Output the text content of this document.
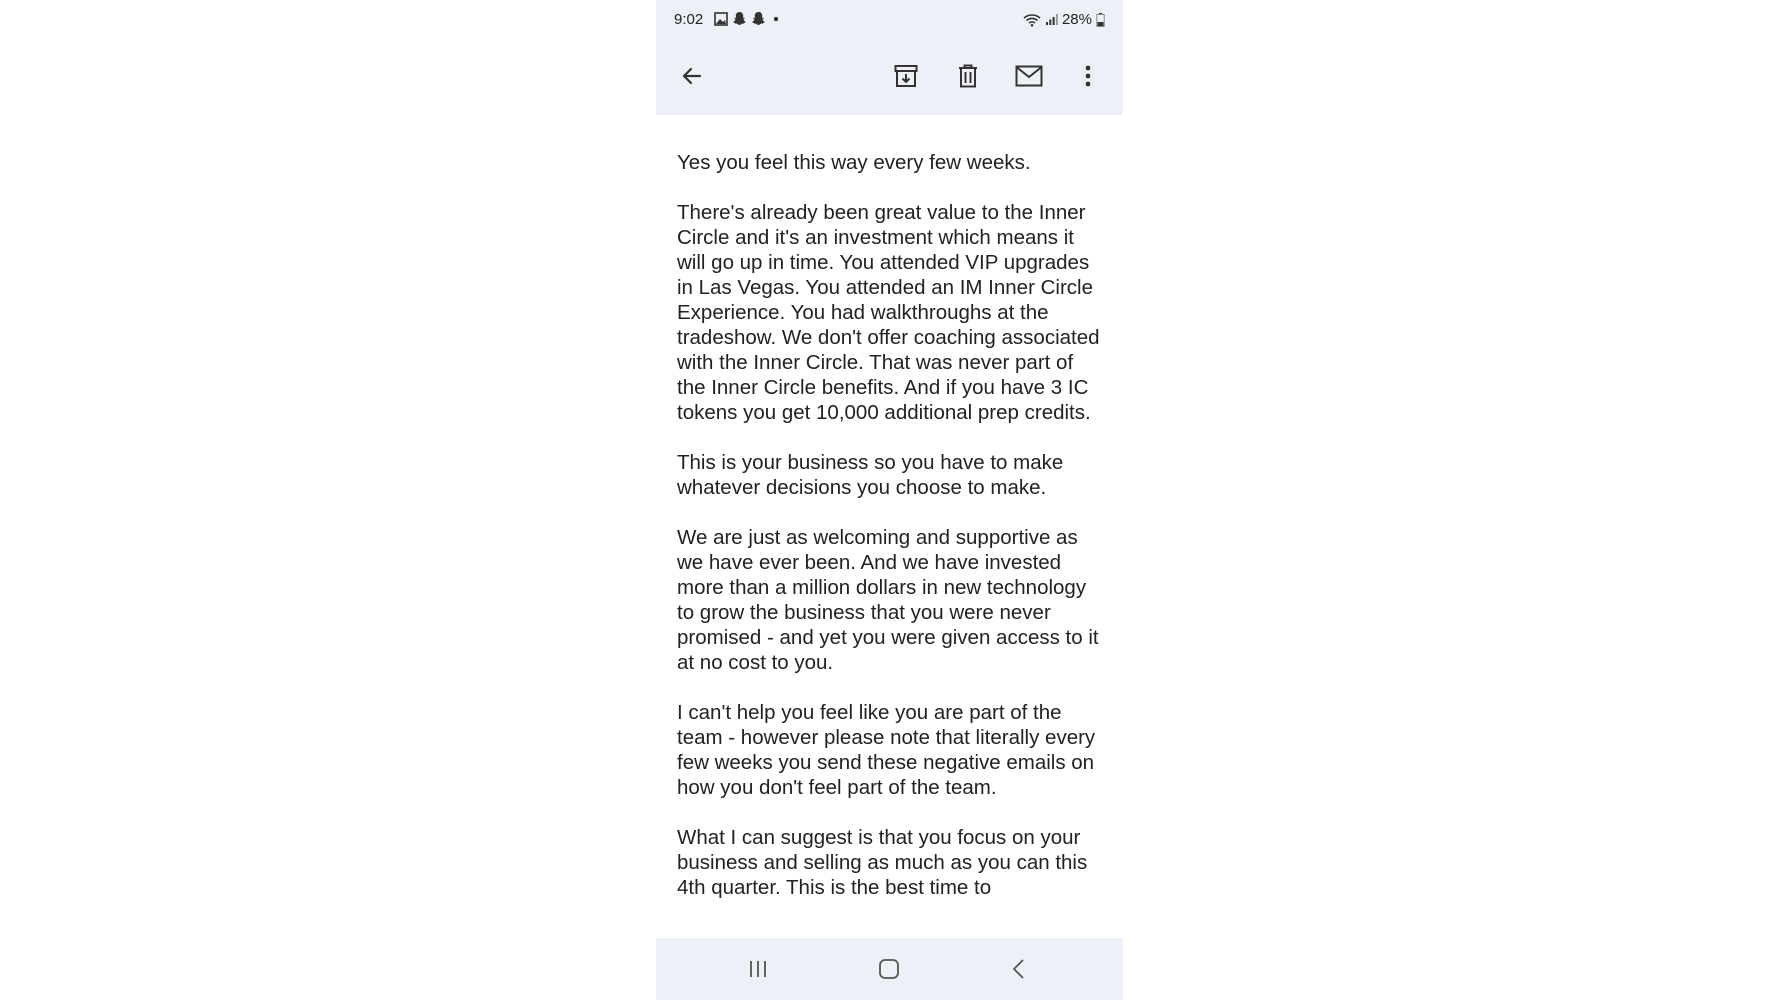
9:02	28%

Yes you feel this way every few weeks.

There's already been great value to the Inner Circle and it's an investment which means it will go up in time. You attended VIP upgrades in Las Vegas. You attended an IM Inner Circle Experience. You had walkthroughs at the tradeshow. We don't offer coaching associated with the Inner Circle. That was never part of the Inner Circle benefits. And if you have 3 IC tokens you get 10,000 additional prep credits.

This is your business so you have to make whatever decisions you choose to make.

We are just as welcoming and supportive as we have ever been. And we have invested more than a million dollars in new technology to grow the business that you were never promised - and yet you were given access to it at no cost to you.

I can't help you feel like you are part of the team - however please note that literally every few weeks you send these negative emails on how you don't feel part of the team.

What I can suggest is that you focus on your business and selling as much as you can this 4th quarter. This is the best time to
